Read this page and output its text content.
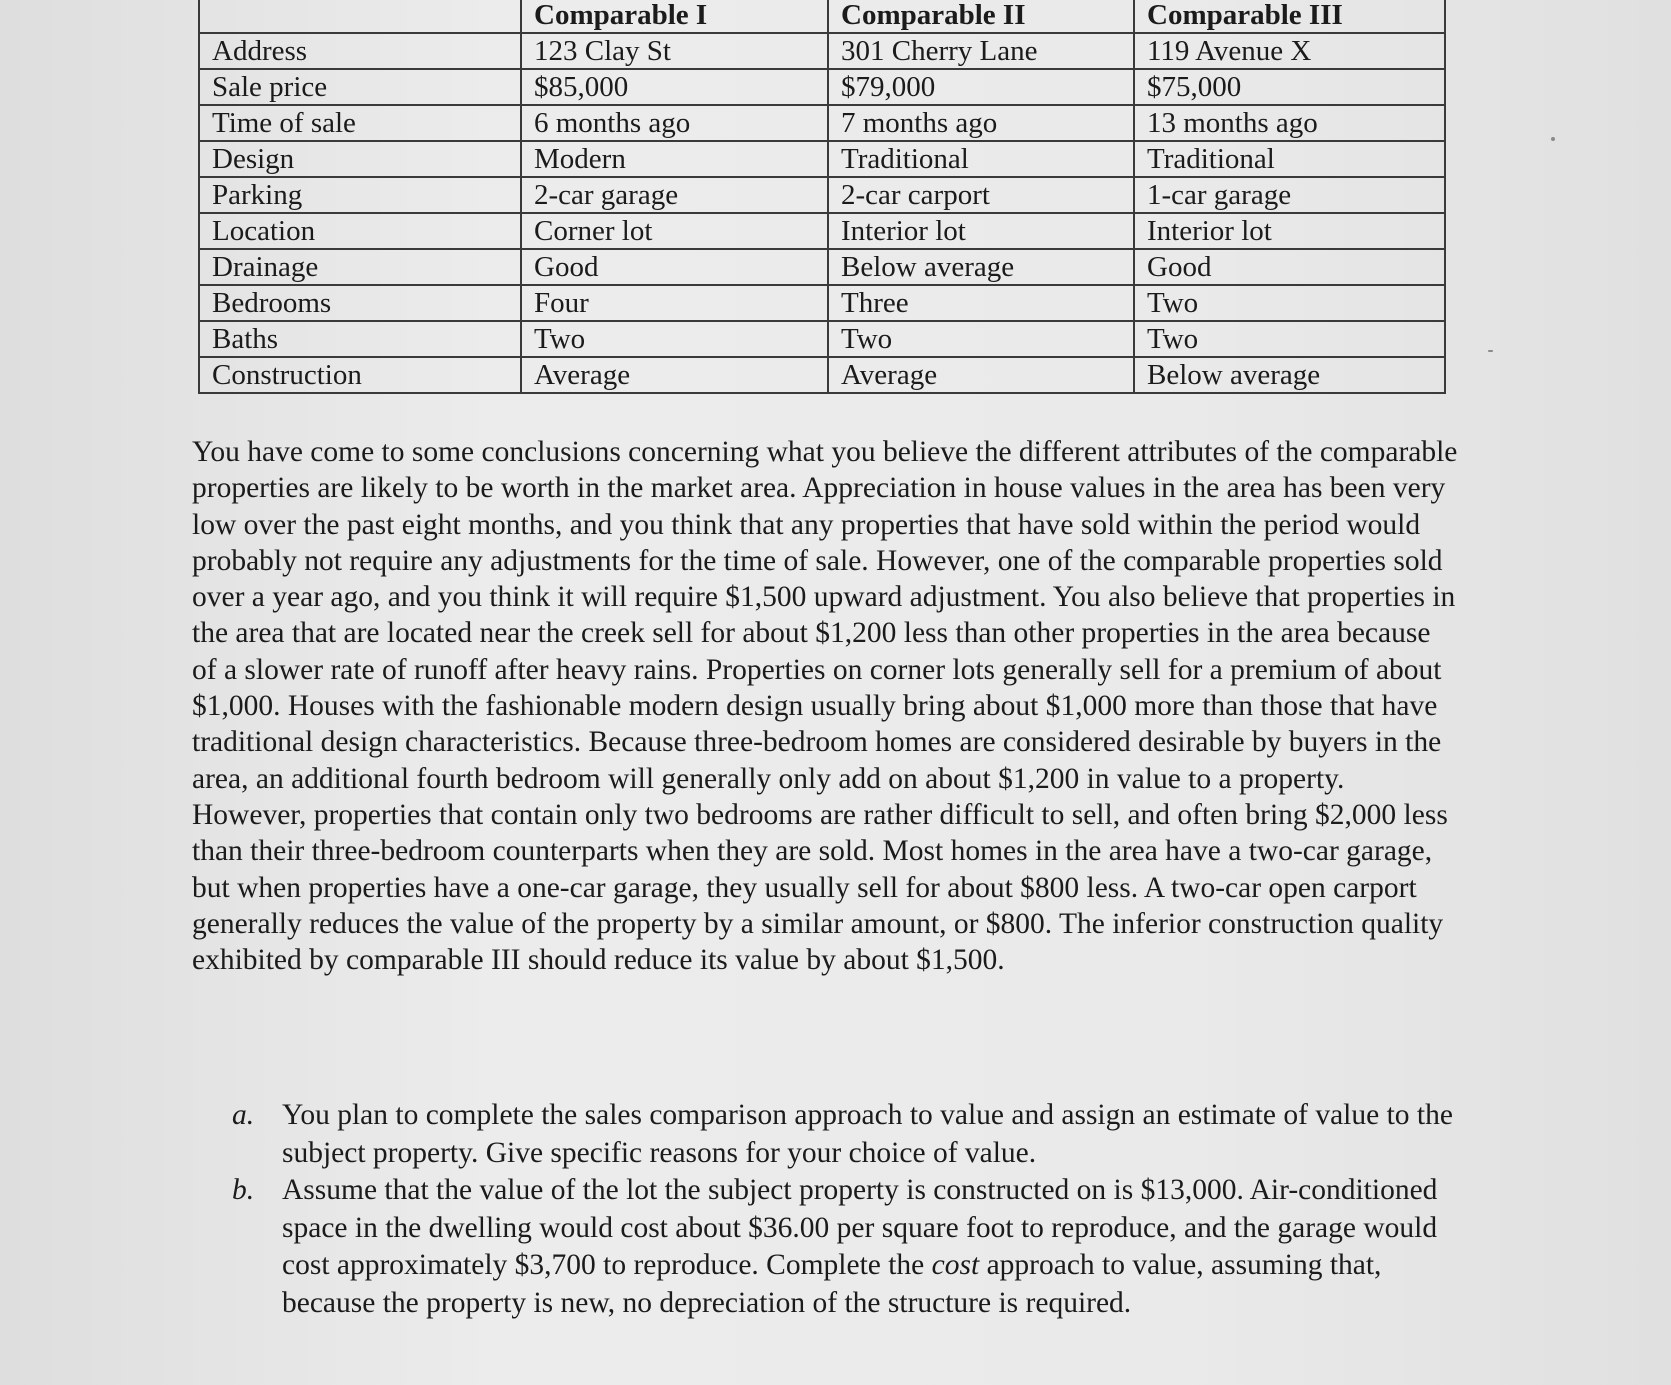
	Comparable I	Comparable II	Comparable III
Address	123 Clay St	301 Cherry Lane	119 Avenue X
Sale price	$85,000	$79,000	$75,000
Time of sale	6 months ago	7 months ago	13 months ago
Design	Modern	Traditional	Traditional
Parking	2-car garage	2-car carport	1-car garage
Location	Corner lot	Interior lot	Interior lot
Drainage	Good	Below average	Good
Bedrooms	Four	Three	Two
Baths	Two	Two	Two
Construction	Average	Average	Below average

You have come to some conclusions concerning what you believe the different attributes of the comparable properties are likely to be worth in the market area. Appreciation in house values in the area has been very low over the past eight months, and you think that any properties that have sold within the period would probably not require any adjustments for the time of sale. However, one of the comparable properties sold over a year ago, and you think it will require $1,500 upward adjustment. You also believe that properties in the area that are located near the creek sell for about $1,200 less than other properties in the area because of a slower rate of runoff after heavy rains. Properties on corner lots generally sell for a premium of about $1,000. Houses with the fashionable modern design usually bring about $1,000 more than those that have traditional design characteristics. Because three-bedroom homes are considered desirable by buyers in the area, an additional fourth bedroom will generally only add on about $1,200 in value to a property. However, properties that contain only two bedrooms are rather difficult to sell, and often bring $2,000 less than their three-bedroom counterparts when they are sold. Most homes in the area have a two-car garage, but when properties have a one-car garage, they usually sell for about $800 less. A two-car open carport generally reduces the value of the property by a similar amount, or $800. The inferior construction quality exhibited by comparable III should reduce its value by about $1,500.

a. You plan to complete the sales comparison approach to value and assign an estimate of value to the subject property. Give specific reasons for your choice of value.
b. Assume that the value of the lot the subject property is constructed on is $13,000. Air-conditioned space in the dwelling would cost about $36.00 per square foot to reproduce, and the garage would cost approximately $3,700 to reproduce. Complete the cost approach to value, assuming that, because the property is new, no depreciation of the structure is required.
